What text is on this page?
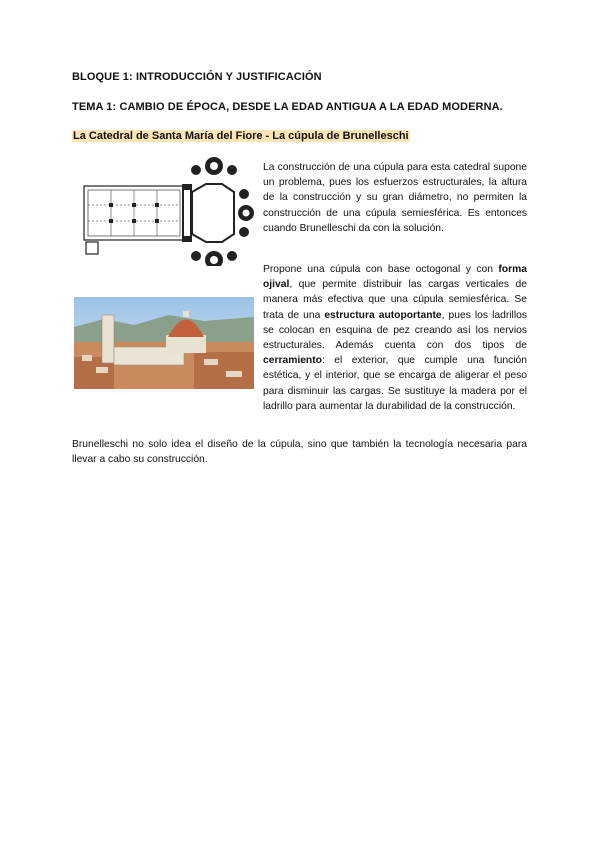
BLOQUE 1: INTRODUCCIÓN Y JUSTIFICACIÓN
TEMA 1: CAMBIO DE ÉPOCA, DESDE LA EDAD ANTIGUA A LA EDAD MODERNA.
La Catedral de Santa María del Fiore - La cúpula de Brunelleschi

La construcción de una cúpula para esta catedral supone un problema, pues los esfuerzos estructurales, la altura de la construcción y su gran diámetro, no permiten la construcción de una cúpula semiesférica. Es entonces cuando Brunelleschi da con la solución.

Propone una cúpula con base octogonal y con forma ojival, que permite distribuir las cargas verticales de manera más efectiva que una cúpula semiesférica. Se trata de una estructura autoportante, pues los ladrillos se colocan en esquina de pez creando así los nervios estructurales. Además cuenta con dos tipos de cerramiento: el exterior, que cumple una función estética, y el interior, que se encarga de aligerar el peso para disminuir las cargas. Se sustituye la madera por el ladrillo para aumentar la durabilidad de la construcción.

Brunelleschi no solo idea el diseño de la cúpula, sino que también la tecnología necesaria para llevar a cabo su construcción.
